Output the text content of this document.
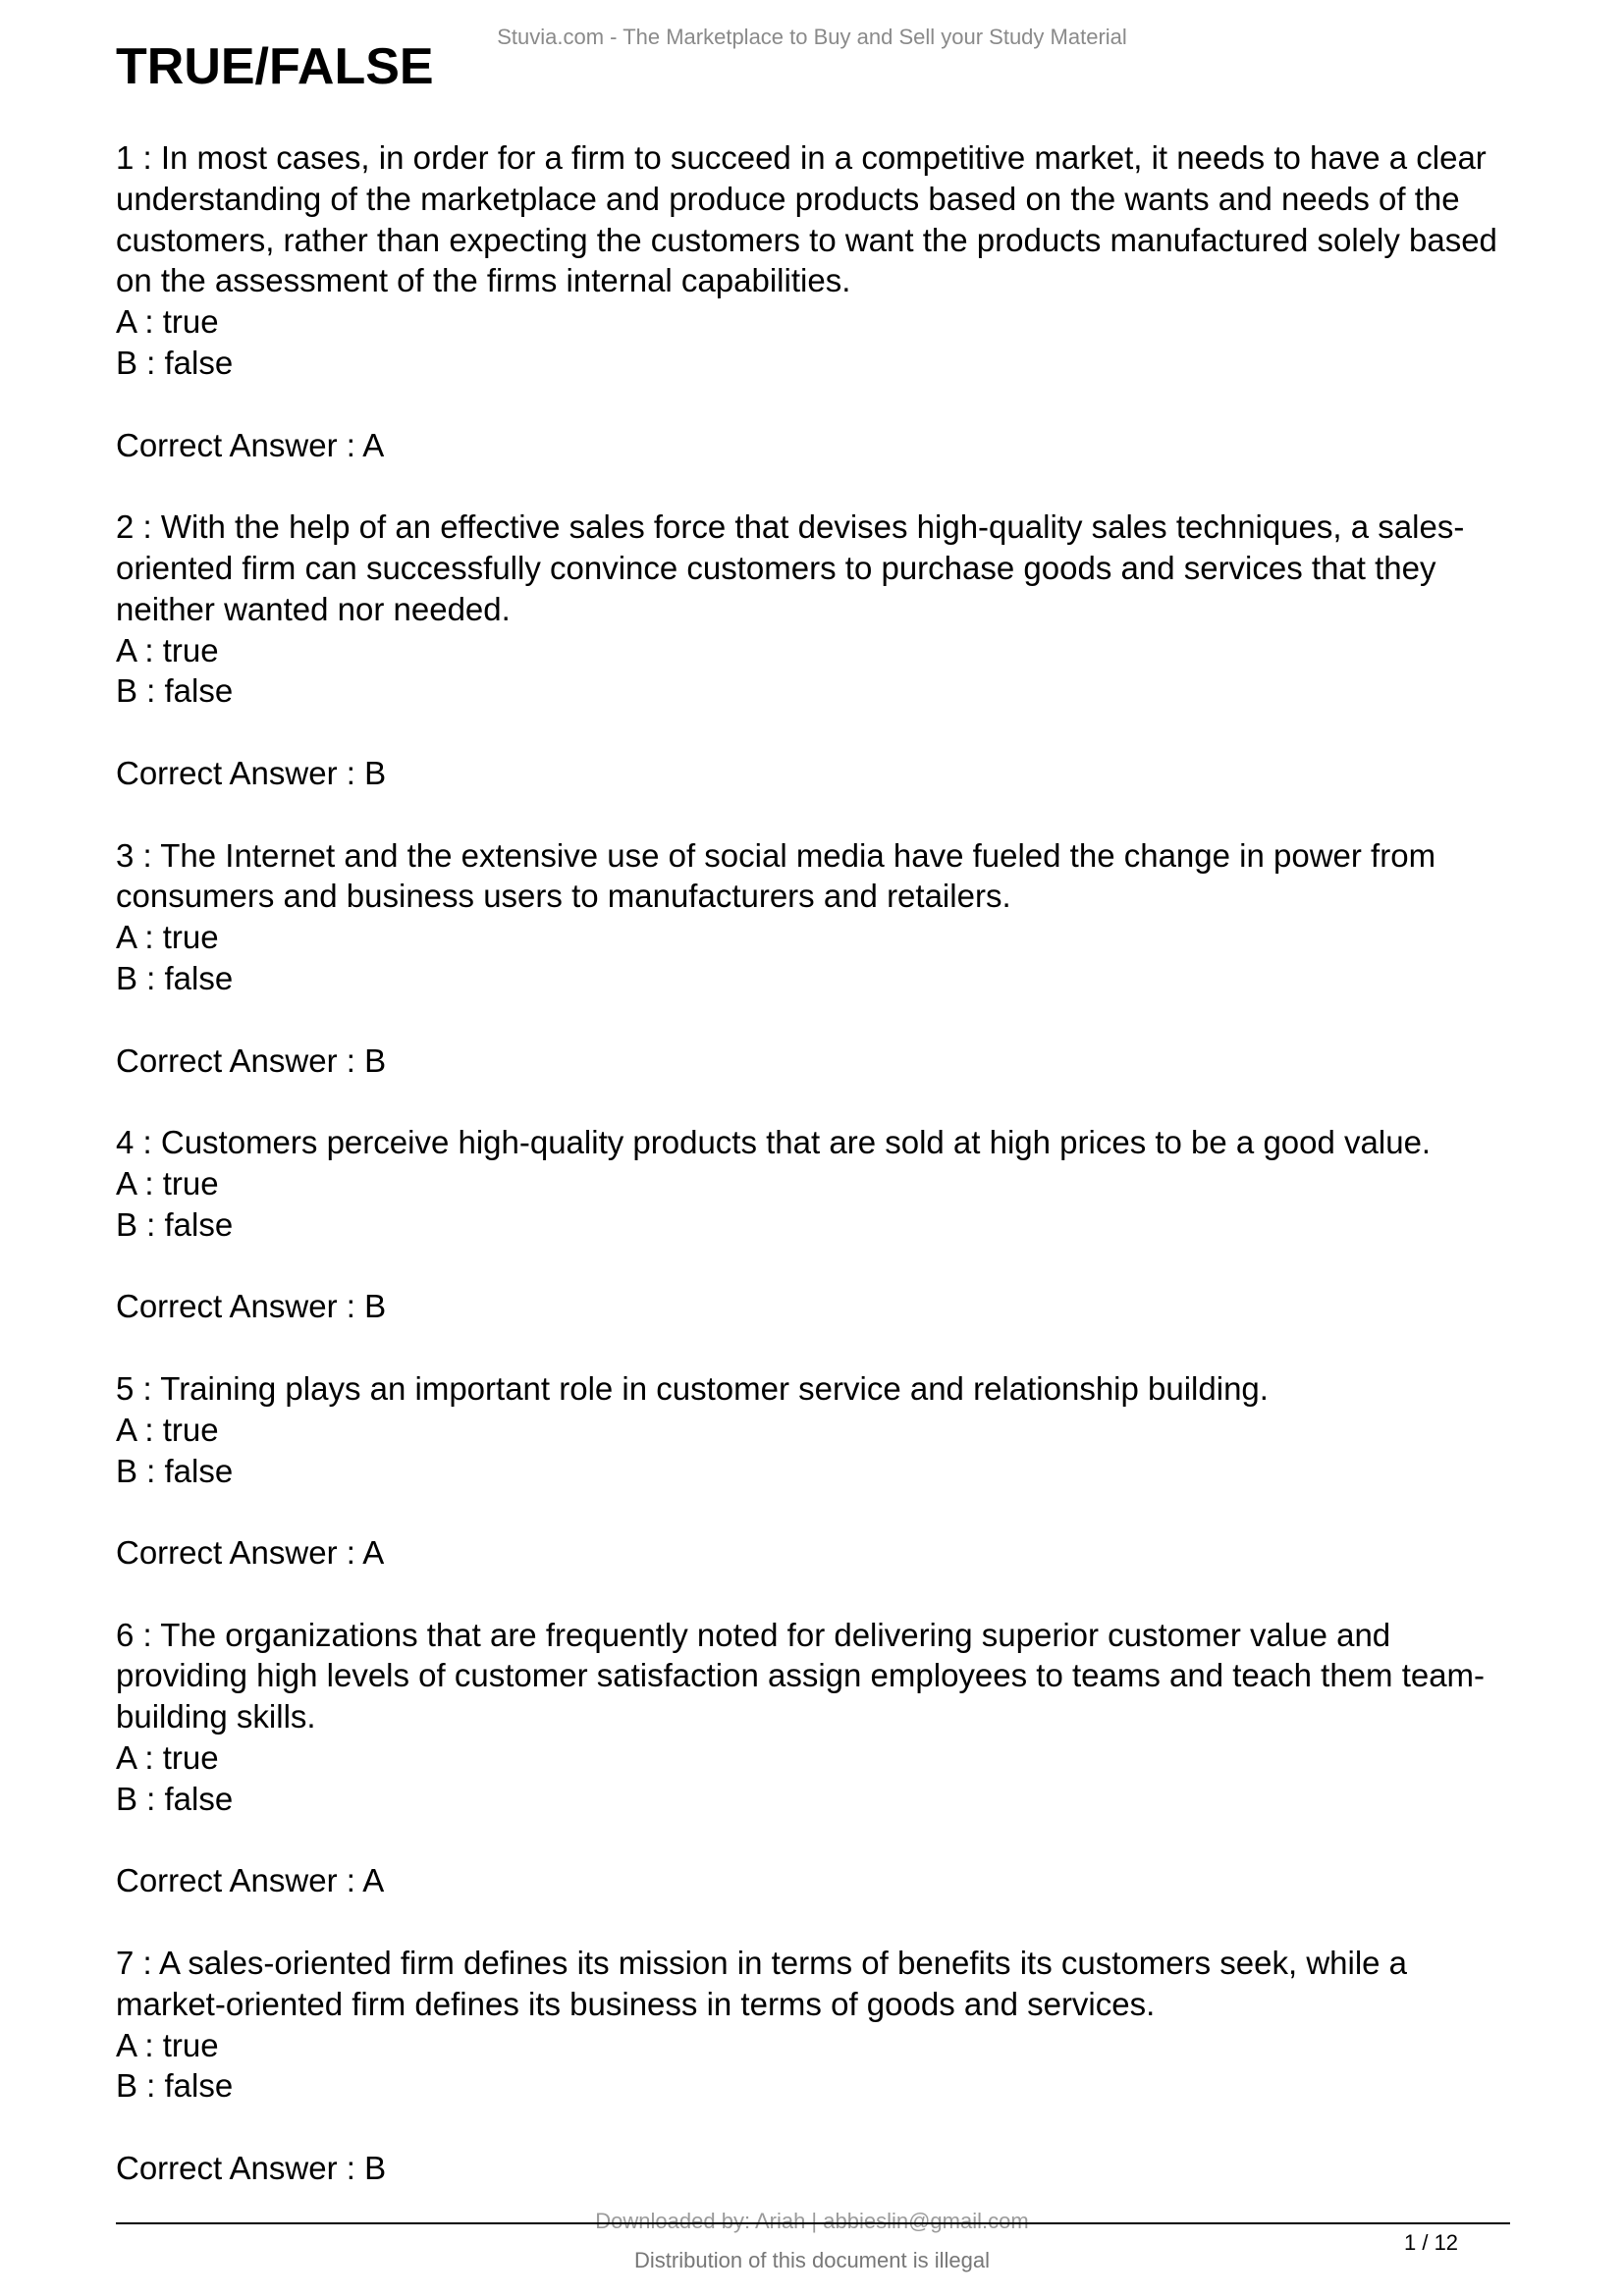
Stuvia.com - The Marketplace to Buy and Sell your Study Material
TRUE/FALSE

1 : In most cases, in order for a firm to succeed in a competitive market, it needs to have a clear understanding of the marketplace and produce products based on the wants and needs of the customers, rather than expecting the customers to want the products manufactured solely based on the assessment of the firms internal capabilities.

A : true

B : false

Correct Answer : A

2 : With the help of an effective sales force that devises high-quality sales techniques, a sales-oriented firm can successfully convince customers to purchase goods and services that they neither wanted nor needed.

A : true

B : false

Correct Answer : B

3 : The Internet and the extensive use of social media have fueled the change in power from consumers and business users to manufacturers and retailers.

A : true

B : false

Correct Answer : B

4 : Customers perceive high-quality products that are sold at high prices to be a good value.

A : true

B : false

Correct Answer : B

5 : Training plays an important role in customer service and relationship building.

A : true

B : false

Correct Answer : A

6 : The organizations that are frequently noted for delivering superior customer value and providing high levels of customer satisfaction assign employees to teams and teach them team-building skills.

A : true

B : false

Correct Answer : A

7 : A sales-oriented firm defines its mission in terms of benefits its customers seek, while a market-oriented firm defines its business in terms of goods and services.

A : true

B : false

Correct Answer : B

Downloaded by: Ariah | abbieslin@gmail.com
1 / 12
Distribution of this document is illegal
